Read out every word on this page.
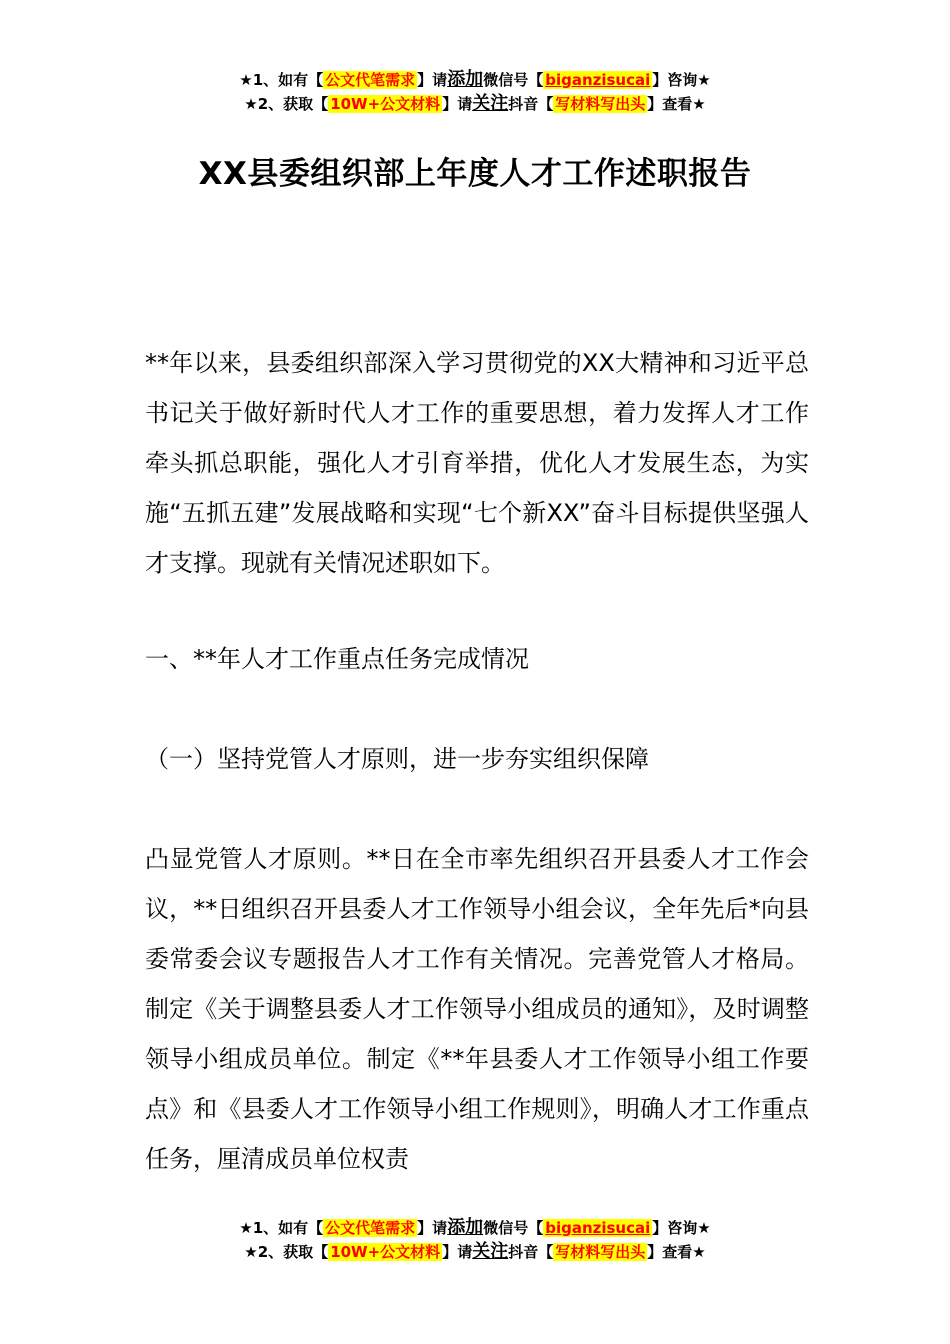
★1、如有【 公文代笔需求 】请添加微信号【 biganzisucai 】咨询★
★2、获取【 10W+公文材料 】请关注抖音【 写材料写出头 】查看★
XX县委组织部上年度人才工作述职报告

**年以来，县委组织部深入学习贯彻党的XX大精神和习近平总书记关于做好新时代人才工作的重要思想，着力发挥人才工作牵头抓总职能，强化人才引育举措，优化人才发展生态，为实施“五抓五建”发展战略和实现“七个新XX”奋斗目标提供坚强人才支撑。现就有关情况述职如下。

一、**年人才工作重点任务完成情况

（一）坚持党管人才原则，进一步夯实组织保障

凸显党管人才原则。**日在全市率先组织召开县委人才工作会议，**日组织召开县委人才工作领导小组会议，全年先后*向县委常委会议专题报告人才工作有关情况。完善党管人才格局。制定《关于调整县委人才工作领导小组成员的通知》，及时调整领导小组成员单位。制定《**年县委人才工作领导小组工作要点》和《县委人才工作领导小组工作规则》，明确人才工作重点任务，厘清成员单位权责

★1、如有【 公文代笔需求 】请添加微信号【 biganzisucai 】咨询★
★2、获取【 10W+公文材料 】请关注抖音【 写材料写出头 】查看★
